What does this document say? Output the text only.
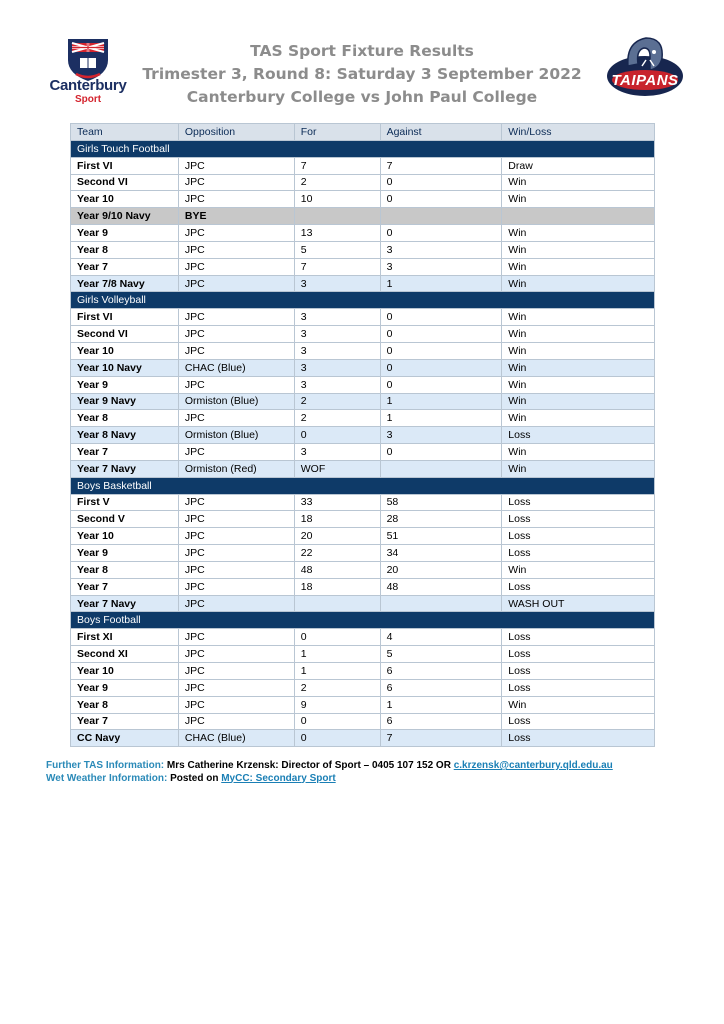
Canterbury
Sport
TAS Sport Fixture Results
Trimester 3, Round 8: Saturday 3 September 2022
Canterbury College vs John Paul College
TAIPANS
Team	Opposition	For	Against	Win/Loss
Girls Touch Football				
First VI	JPC	7	7	Draw
Second VI	JPC	2	0	Win
Year 10	JPC	10	0	Win
Year 9/10 Navy	BYE			
Year 9	JPC	13	0	Win
Year 8	JPC	5	3	Win
Year 7	JPC	7	3	Win
Year 7/8 Navy	JPC	3	1	Win
Girls Volleyball				
First VI	JPC	3	0	Win
Second VI	JPC	3	0	Win
Year 10	JPC	3	0	Win
Year 10 Navy	CHAC (Blue)	3	0	Win
Year 9	JPC	3	0	Win
Year 9 Navy	Ormiston (Blue)	2	1	Win
Year 8	JPC	2	1	Win
Year 8 Navy	Ormiston (Blue)	0	3	Loss
Year 7	JPC	3	0	Win
Year 7 Navy	Ormiston (Red)	WOF		Win
Boys Basketball				
First V	JPC	33	58	Loss
Second V	JPC	18	28	Loss
Year 10	JPC	20	51	Loss
Year 9	JPC	22	34	Loss
Year 8	JPC	48	20	Win
Year 7	JPC	18	48	Loss
Year 7 Navy	JPC			WASH OUT
Boys Football				
First XI	JPC	0	4	Loss
Second XI	JPC	1	5	Loss
Year 10	JPC	1	6	Loss
Year 9	JPC	2	6	Loss
Year 8	JPC	9	1	Win
Year 7	JPC	0	6	Loss
CC Navy	CHAC (Blue)	0	7	Loss
Further TAS Information: Mrs Catherine Krzensk: Director of Sport – 0405 107 152 OR c.krzensk@canterbury.qld.edu.au
Wet Weather Information: Posted on MyCC: Secondary Sport
